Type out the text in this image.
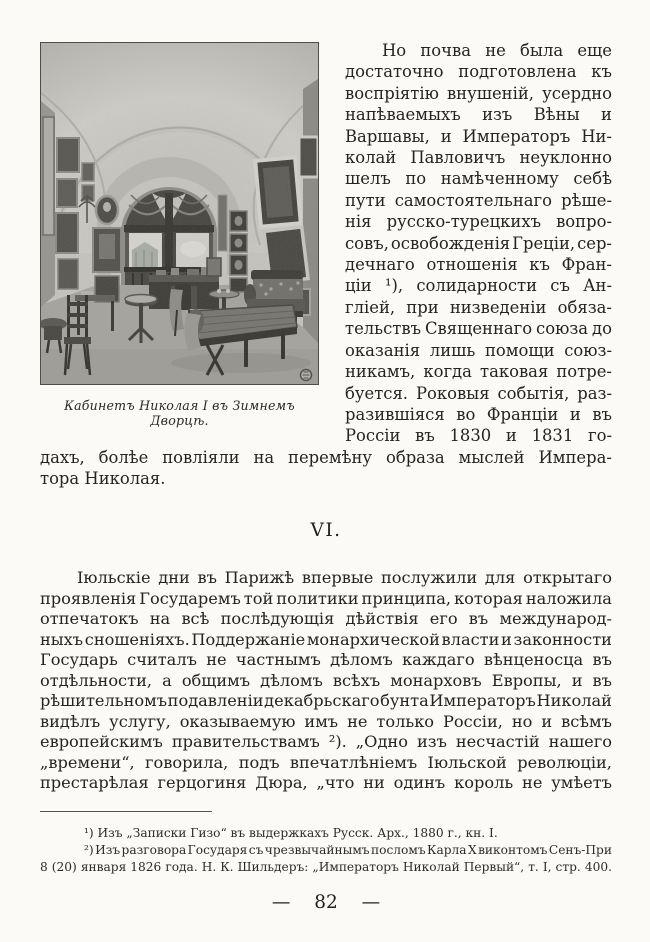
Кабинетъ Николая I въ Зимнемъ Дворцѣ.
Но почва не была еще
достаточно подготовлена къ
воспріятію внушеній, усердно
напѣваемыхъ изъ Вѣны и
Варшавы, и Императоръ Ни-
колай Павловичъ неуклонно
шелъ по намѣченному себѣ
пути самостоятельнаго рѣше-
нія русско-турецкихъ вопро-
совъ, освобожденія Греціи, сер-
дечнаго отношенія къ Фран-
ціи ¹), солидарности съ Ан-
гліей, при низведеніи обяза-
тельствъ Священнаго союза до
оказанія лишь помощи союз-
никамъ, когда таковая потре-
буется. Роковыя событія, раз-
разившіяся во Франціи и въ
Россіи въ 1830 и 1831 го-
дахъ, болѣе повліяли на перемѣну образа мыслей Импера-
тора Николая.
VI.
Іюльскіе дни въ Парижѣ впервые послужили для открытаго
проявленія Государемъ той политики принципа, которая наложила
отпечатокъ на всѣ послѣдующія дѣйствія его въ международ-
ныхъ сношеніяхъ. Поддержаніе монархической власти и законности
Государь считалъ не частнымъ дѣломъ каждаго вѣнценосца въ
отдѣльности, а общимъ дѣломъ всѣхъ монарховъ Европы, и въ
рѣшительномъ подавленіи декабрьскаго бунта Императоръ Николай
видѣлъ услугу, оказываемую имъ не только Россіи, но и всѣмъ
европейскимъ правительствамъ ²). „Одно изъ несчастій нашего
„времени“, говорила, подъ впечатлѣніемъ Іюльской революціи,
престарѣлая герцогиня Дюра, „что ни одинъ король не умѣетъ
¹) Изъ „Записки Гизо“ въ выдержкахъ Русск. Арх., 1880 г., кн. I.
²) Изъ разговора Государя съ чрезвычайнымъ посломъ Карла X виконтомъ Сенъ-При
8 (20) января 1826 года. Н. К. Шильдеръ: „Императоръ Николай Первый“, т. I, стр. 400.
— 82 —
